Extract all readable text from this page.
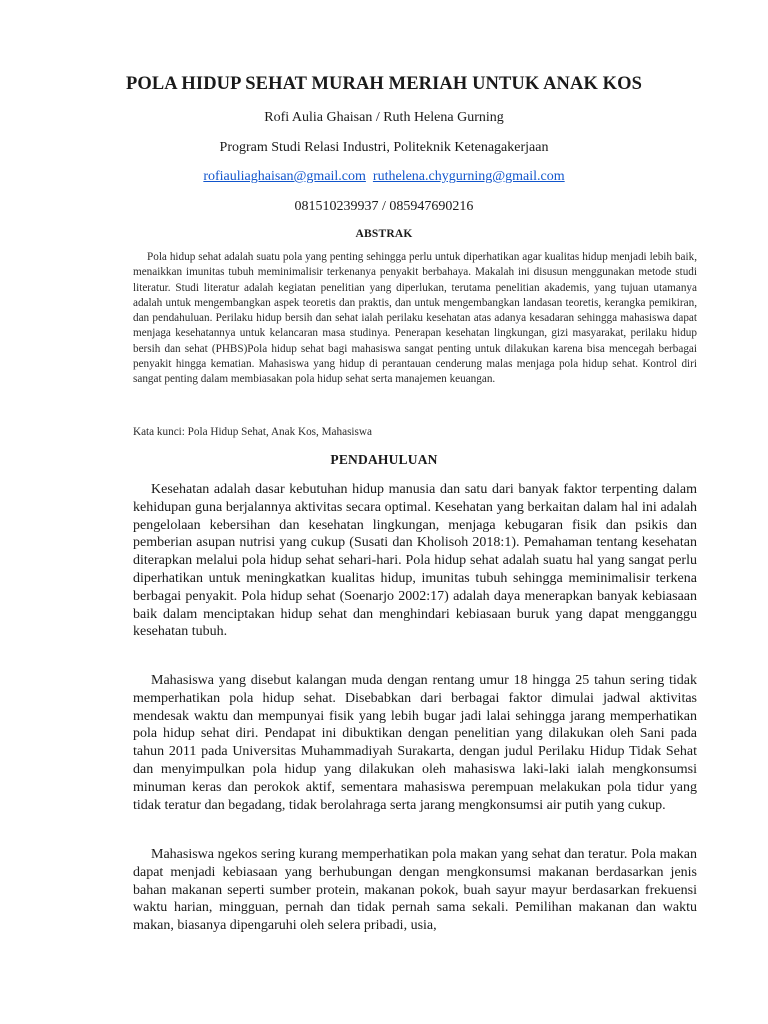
POLA HIDUP SEHAT MURAH MERIAH UNTUK ANAK KOS

Rofi Aulia Ghaisan / Ruth Helena Gurning

Program Studi Relasi Industri, Politeknik Ketenagakerjaan

rofiauliaghaisan@gmail.com ruthelena.chygurning@gmail.com

081510239937 / 085947690216

ABSTRAK

Pola hidup sehat adalah suatu pola yang penting sehingga perlu untuk diperhatikan agar kualitas hidup menjadi lebih baik, menaikkan imunitas tubuh meminimalisir terkenanya penyakit berbahaya. Makalah ini disusun menggunakan metode studi literatur. Studi literatur adalah kegiatan penelitian yang diperlukan, terutama penelitian akademis, yang tujuan utamanya adalah untuk mengembangkan aspek teoretis dan praktis, dan untuk mengembangkan landasan teoretis, kerangka pemikiran, dan pendahuluan. Perilaku hidup bersih dan sehat ialah perilaku kesehatan atas adanya kesadaran sehingga mahasiswa dapat menjaga kesehatannya untuk kelancaran masa studinya. Penerapan kesehatan lingkungan, gizi masyarakat, perilaku hidup bersih dan sehat (PHBS)Pola hidup sehat bagi mahasiswa sangat penting untuk dilakukan karena bisa mencegah berbagai penyakit hingga kematian. Mahasiswa yang hidup di perantauan cenderung malas menjaga pola hidup sehat. Kontrol diri sangat penting dalam membiasakan pola hidup sehat serta manajemen keuangan.

Kata kunci: Pola Hidup Sehat, Anak Kos, Mahasiswa

PENDAHULUAN

Kesehatan adalah dasar kebutuhan hidup manusia dan satu dari banyak faktor terpenting dalam kehidupan guna berjalannya aktivitas secara optimal. Kesehatan yang berkaitan dalam hal ini adalah pengelolaan kebersihan dan kesehatan lingkungan, menjaga kebugaran fisik dan psikis dan pemberian asupan nutrisi yang cukup (Susati dan Kholisoh 2018:1). Pemahaman tentang kesehatan diterapkan melalui pola hidup sehat sehari-hari. Pola hidup sehat adalah suatu hal yang sangat perlu diperhatikan untuk meningkatkan kualitas hidup, imunitas tubuh sehingga meminimalisir terkena berbagai penyakit. Pola hidup sehat (Soenarjo 2002:17) adalah daya menerapkan banyak kebiasaan baik dalam menciptakan hidup sehat dan menghindari kebiasaan buruk yang dapat mengganggu kesehatan tubuh.

Mahasiswa yang disebut kalangan muda dengan rentang umur 18 hingga 25 tahun sering tidak memperhatikan pola hidup sehat. Disebabkan dari berbagai faktor dimulai jadwal aktivitas mendesak waktu dan mempunyai fisik yang lebih bugar jadi lalai sehingga jarang memperhatikan pola hidup sehat diri. Pendapat ini dibuktikan dengan penelitian yang dilakukan oleh Sani pada tahun 2011 pada Universitas Muhammadiyah Surakarta, dengan judul Perilaku Hidup Tidak Sehat dan menyimpulkan pola hidup yang dilakukan oleh mahasiswa laki-laki ialah mengkonsumsi minuman keras dan perokok aktif, sementara mahasiswa perempuan melakukan pola tidur yang tidak teratur dan begadang, tidak berolahraga serta jarang mengkonsumsi air putih yang cukup.

Mahasiswa ngekos sering kurang memperhatikan pola makan yang sehat dan teratur. Pola makan dapat menjadi kebiasaan yang berhubungan dengan mengkonsumsi makanan berdasarkan jenis bahan makanan seperti sumber protein, makanan pokok, buah sayur mayur berdasarkan frekuensi waktu harian, mingguan, pernah dan tidak pernah sama sekali. Pemilihan makanan dan waktu makan, biasanya dipengaruhi oleh selera pribadi, usia,
